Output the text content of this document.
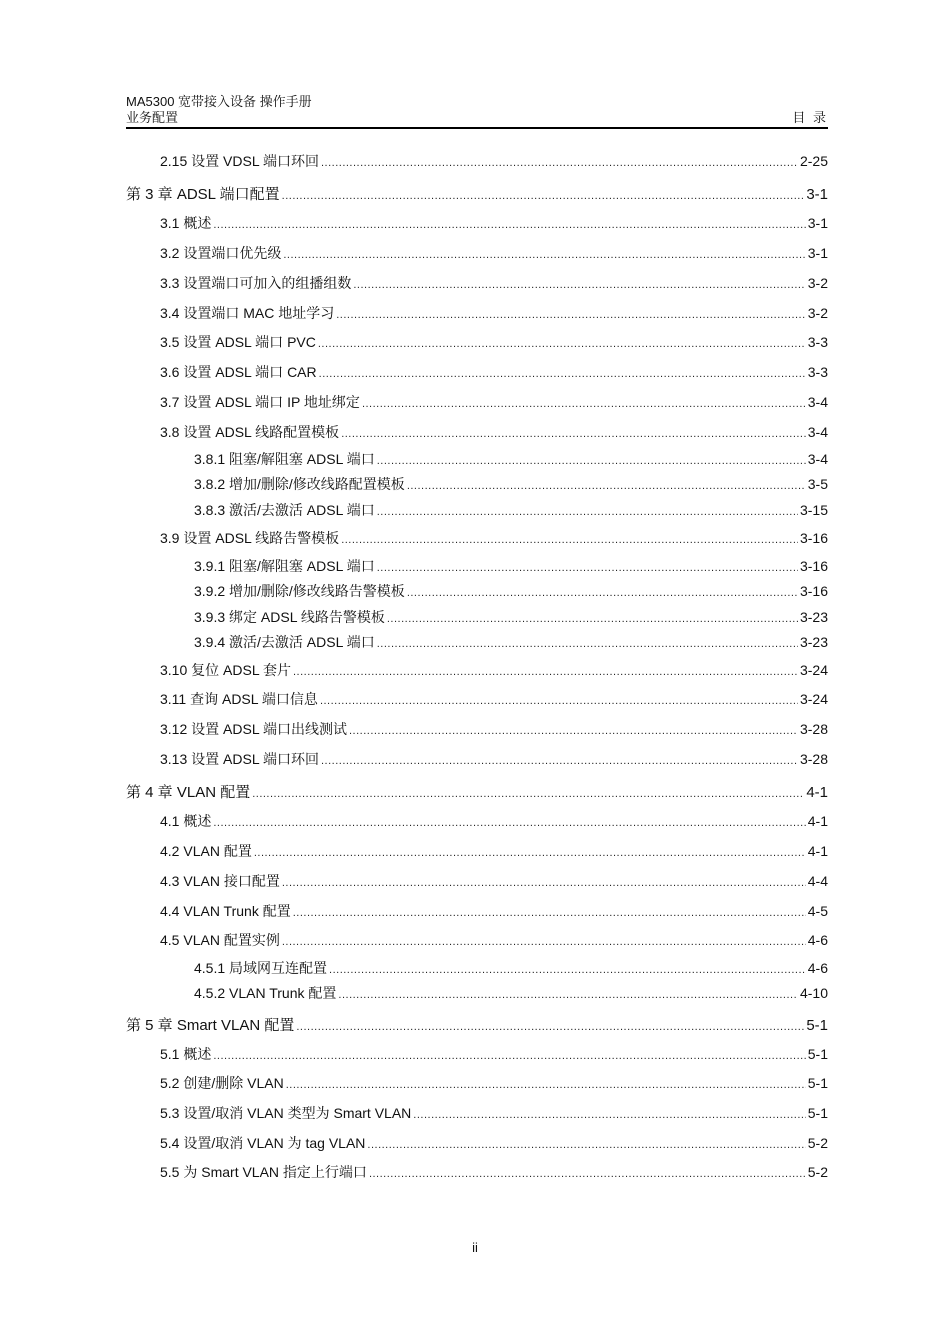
MA5300 宽带接入设备 操作手册
业务配置	目 录
2.15 设置 VDSL 端口环回 .....	2-25
第 3 章 ADSL 端口配置 .....	3-1
3.1 概述 .....	3-1
3.2 设置端口优先级 .....	3-1
3.3 设置端口可加入的组播组数 .....	3-2
3.4 设置端口 MAC 地址学习 .....	3-2
3.5 设置 ADSL 端口 PVC .....	3-3
3.6 设置 ADSL 端口 CAR .....	3-3
3.7 设置 ADSL 端口 IP 地址绑定 .....	3-4
3.8 设置 ADSL 线路配置模板 .....	3-4
3.8.1 阻塞/解阻塞 ADSL 端口 .....	3-4
3.8.2 增加/删除/修改线路配置模板 .....	3-5
3.8.3 激活/去激活 ADSL 端口 .....	3-15
3.9 设置 ADSL 线路告警模板 .....	3-16
3.9.1 阻塞/解阻塞 ADSL 端口 .....	3-16
3.9.2 增加/删除/修改线路告警模板 .....	3-16
3.9.3 绑定 ADSL 线路告警模板 .....	3-23
3.9.4 激活/去激活 ADSL 端口 .....	3-23
3.10 复位 ADSL 套片 .....	3-24
3.11 查询 ADSL 端口信息 .....	3-24
3.12 设置 ADSL 端口出线测试 .....	3-28
3.13 设置 ADSL 端口环回 .....	3-28
第 4 章 VLAN 配置 .....	4-1
4.1 概述 .....	4-1
4.2 VLAN 配置 .....	4-1
4.3 VLAN 接口配置 .....	4-4
4.4 VLAN Trunk 配置 .....	4-5
4.5 VLAN 配置实例 .....	4-6
4.5.1 局域网互连配置 .....	4-6
4.5.2 VLAN Trunk 配置 .....	4-10
第 5 章 Smart VLAN 配置 .....	5-1
5.1 概述 .....	5-1
5.2 创建/删除 VLAN .....	5-1
5.3 设置/取消 VLAN 类型为 Smart VLAN .....	5-1
5.4 设置/取消 VLAN 为 tag VLAN .....	5-2
5.5 为 Smart VLAN 指定上行端口 .....	5-2
ii
